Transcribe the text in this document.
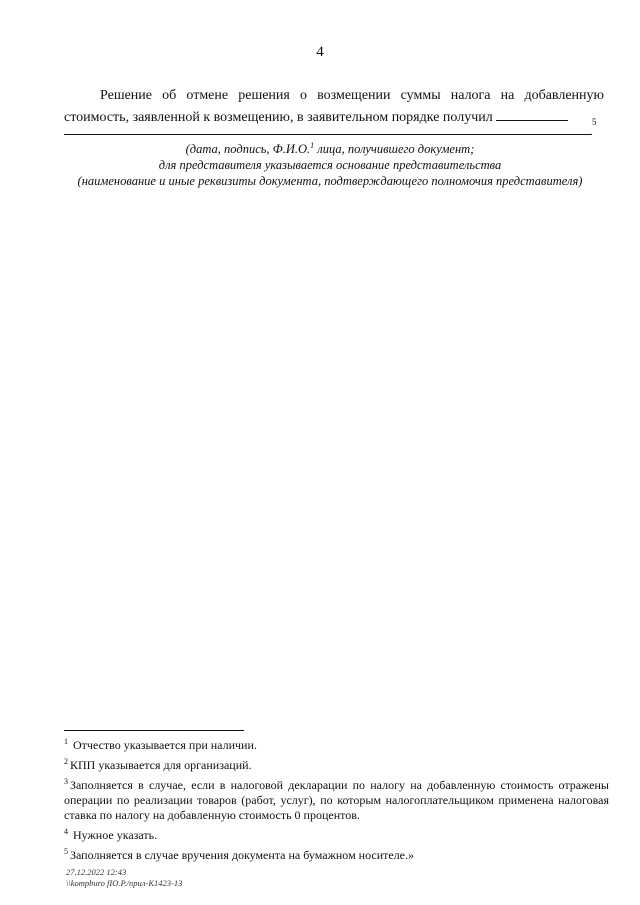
4
Решение об отмене решения о возмещении суммы налога на добавленную
стоимость, заявленной к возмещению, в заявительном порядке получил	5
.
(дата, подпись, Ф.И.О.$^1$ лица, получившего документ;
для представителя указывается основание представительства
(наименование и иные реквизиты документа, подтверждающего полномочия представителя)
$^1$ Отчество указывается при наличии.
$^2$ КПП указывается для организаций.
$^3$ Заполняется в случае, если в налоговой декларации по налогу на добавленную стоимость отражены операции по реализации товаров (работ, услуг), по которым налогоплательщиком применена налоговая ставка по налогу на добавленную стоимость 0 процентов.
$^4$ Нужное указать.
$^5$ Заполняется в случае вручения документа на бумажном носителе.»
27.12.2022 12:43
\\kompburo fIO.P./прил-K1423-13
